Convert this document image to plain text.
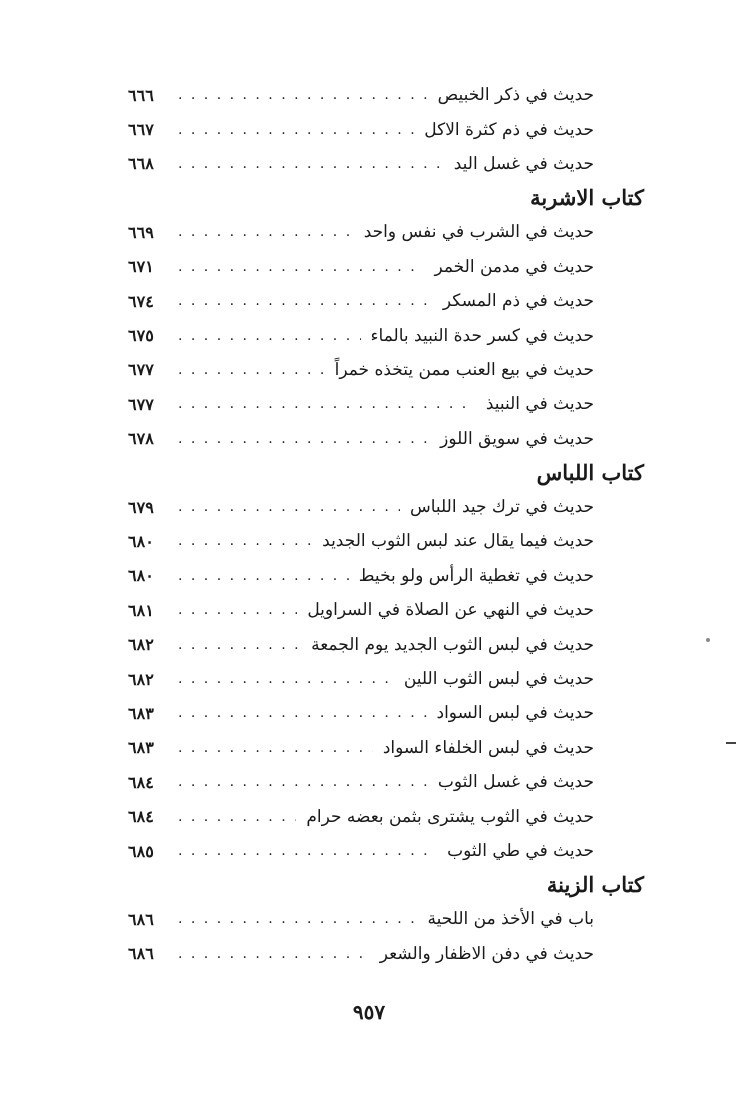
حديث في ذكر الخبيص
. . .
٦٦٦
حديث في ذم كثرة الاكل
. . .
٦٦٧
حديث في غسل اليد
. . .
٦٦٨
كتاب الاشربة
حديث في الشرب في نفس واحد
. . .
٦٦٩
حديث في مدمن الخمر
. . .
٦٧١
حديث في ذم المسكر
. . .
٦٧٤
حديث في كسر حدة النبيد بالماء
. . .
٦٧٥
حديث في بيع العنب ممن يتخذه خمراً
. . .
٦٧٧
حديث في النبيذ
. . .
٦٧٧
حديث في سويق اللوز
. . .
٦٧٨
كتاب اللباس
حديث في ترك جيد اللباس
. . .
٦٧٩
حديث فيما يقال عند لبس الثوب الجديد
. . .
٦٨٠
حديث في تغطية الرأس ولو بخيط
. . .
٦٨٠
حديث في النهي عن الصلاة في السراويل
. . .
٦٨١
حديث في لبس الثوب الجديد يوم الجمعة
. . .
٦٨٢
حديث في لبس الثوب اللين
. . .
٦٨٢
حديث في لبس السواد
. . .
٦٨٣
حديث في لبس الخلفاء السواد
. . .
٦٨٣
حديث في غسل الثوب
. . .
٦٨٤
حديث في الثوب يشترى بثمن بعضه حرام
. . .
٦٨٤
حديث في طي الثوب
. . .
٦٨٥
كتاب الزينة
باب في الأخذ من اللحية
. . .
٦٨٦
حديث في دفن الاظفار والشعر
. . .
٦٨٦
٩٥٧
